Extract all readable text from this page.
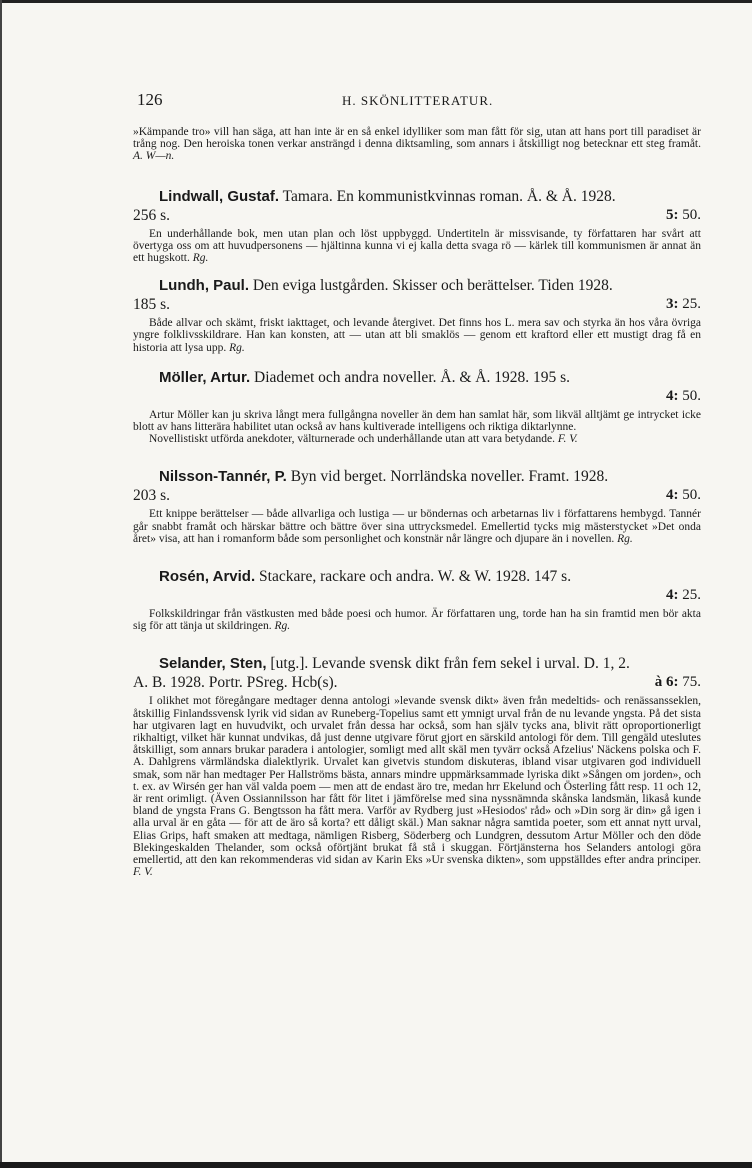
126	H. SKÖNLITTERATUR.

»Kämpande tro» vill han säga, att han inte är en så enkel idylliker som man fått för sig, utan att hans port till paradiset är trång nog. Den heroiska tonen verkar ansträngd i denna diktsamling, som annars i åtskilligt nog betecknar ett steg framåt. A. W—n.

Lindwall, Gustaf. Tamara. En kommunistkvinnas roman. Å. & Å. 1928.

256 s.	5: 50.

En underhållande bok, men utan plan och löst uppbyggd. Undertiteln är missvisande, ty författaren har svårt att övertyga oss om att huvudpersonens — hjältinna kunna vi ej kalla detta svaga rö — kärlek till kommunismen är annat än ett hugskott. Rg.

Lundh, Paul. Den eviga lustgården. Skisser och berättelser. Tiden 1928.

185 s.	3: 25.

Både allvar och skämt, friskt iakttaget, och levande återgivet. Det finns hos L. mera sav och styrka än hos våra övriga yngre folklivsskildrare. Han kan konsten, att — utan att bli smaklös — genom ett kraftord eller ett mustigt drag få en historia att lysa upp. Rg.

Möller, Artur. Diademet och andra noveller. Å. & Å. 1928. 195 s.

4: 50.

Artur Möller kan ju skriva långt mera fullgångna noveller än dem han samlat här, som likväl alltjämt ge intrycket icke blott av hans litterära habilitet utan också av hans kultiverade intelligens och riktiga diktarlynne.

Novellistiskt utförda anekdoter, välturnerade och underhållande utan att vara betydande. F. V.

Nilsson-Tannér, P. Byn vid berget. Norrländska noveller. Framt. 1928.

203 s.	4: 50.

Ett knippe berättelser — både allvarliga och lustiga — ur böndernas och arbetarnas liv i författarens hembygd. Tannér går snabbt framåt och härskar bättre och bättre över sina uttrycksmedel. Emellertid tycks mig mästerstycket »Det onda året» visa, att han i romanform både som personlighet och konstnär når längre och djupare än i novellen. Rg.

Rosén, Arvid. Stackare, rackare och andra. W. & W. 1928. 147 s.

4: 25.

Folkskildringar från västkusten med både poesi och humor. Är författaren ung, torde han ha sin framtid men bör akta sig för att tänja ut skildringen. Rg.

Selander, Sten, [utg.]. Levande svensk dikt från fem sekel i urval. D. 1, 2.

A. B. 1928. Portr. PSreg. Hcb(s).	à 6: 75.

I olikhet mot föregångare medtager denna antologi »levande svensk dikt» även från medeltids- och renässansseklen, åtskillig Finlandssvensk lyrik vid sidan av Runeberg-Topelius samt ett ymnigt urval från de nu levande yngsta. På det sista har utgivaren lagt en huvudvikt, och urvalet från dessa har också, som han själv tycks ana, blivit rätt oproportionerligt rikhaltigt, vilket här kunnat undvikas, då just denne utgivare förut gjort en särskild antologi för dem. Till gengäld uteslutes åtskilligt, som annars brukar paradera i antologier, somligt med allt skäl men tyvärr också Afzelius' Näckens polska och F. A. Dahlgrens värmländska dialektlyrik. Urvalet kan givetvis stundom diskuteras, ibland visar utgivaren god individuell smak, som när han medtager Per Hallströms bästa, annars mindre uppmärksammade lyriska dikt »Sången om jorden», och t. ex. av Wirsén ger han väl valda poem — men att de endast äro tre, medan hrr Ekelund och Österling fått resp. 11 och 12, är rent orimligt. (Även Ossiannilsson har fått för litet i jämförelse med sina nyssnämnda skånska landsmän, likaså kunde bland de yngsta Frans G. Bengtsson ha fått mera. Varför av Rydberg just »Hesiodos' råd» och »Din sorg är din» gå igen i alla urval är en gåta — för att de äro så korta? ett dåligt skäl.) Man saknar några samtida poeter, som ett annat nytt urval, Elias Grips, haft smaken att medtaga, nämligen Risberg, Söderberg och Lundgren, dessutom Artur Möller och den döde Blekingeskalden Thelander, som också oförtjänt brukat få stå i skuggan. Förtjänsterna hos Selanders antologi göra emellertid, att den kan rekommenderas vid sidan av Karin Eks »Ur svenska dikten», som uppställdes efter andra principer. F. V.
